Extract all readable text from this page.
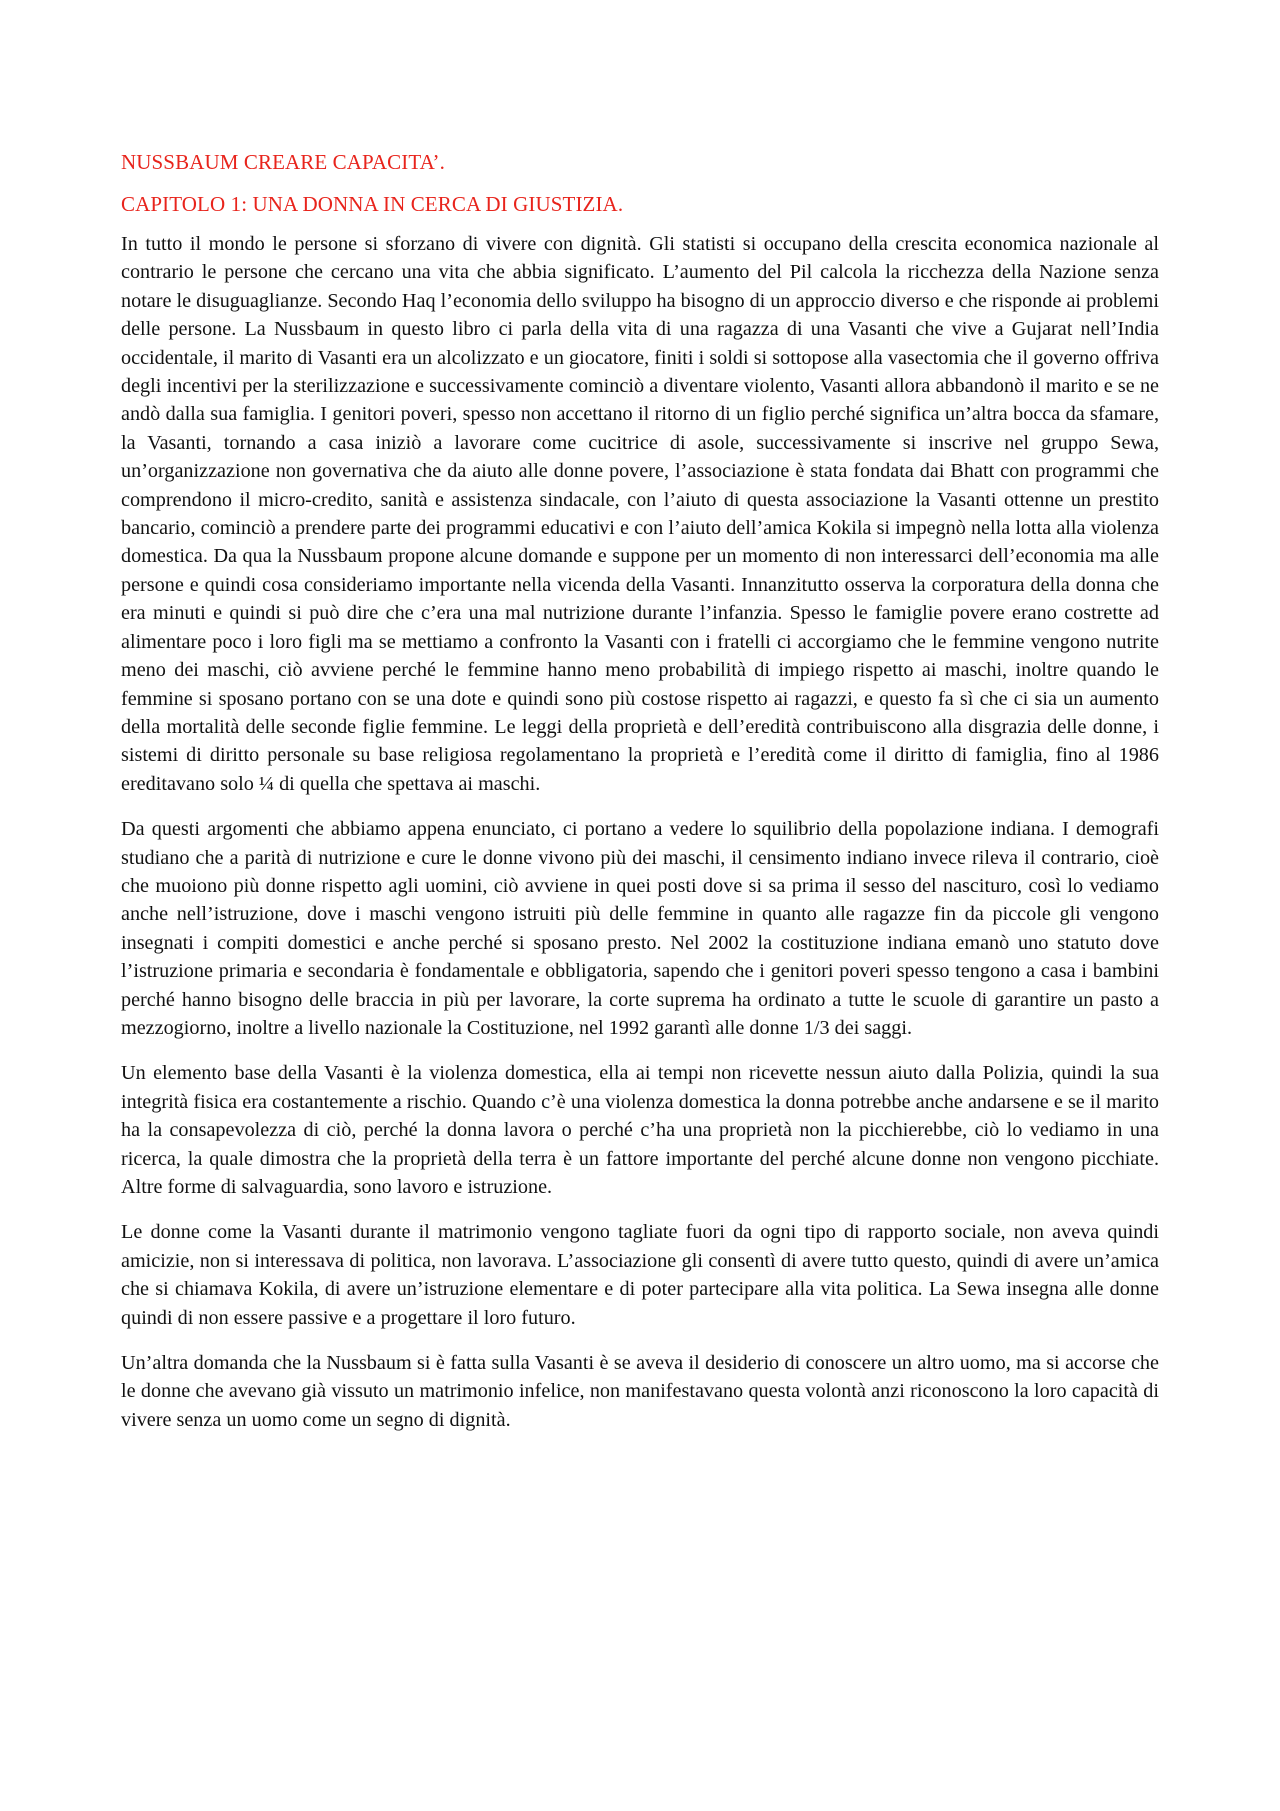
NUSSBAUM CREARE CAPACITA’.
CAPITOLO 1: UNA DONNA IN CERCA DI GIUSTIZIA.

In tutto il mondo le persone si sforzano di vivere con dignità. Gli statisti si occupano della crescita economica nazionale al contrario le persone che cercano una vita che abbia significato. L’aumento del Pil calcola la ricchezza della Nazione senza notare le disuguaglianze. Secondo Haq l’economia dello sviluppo ha bisogno di un approccio diverso e che risponde ai problemi delle persone. La Nussbaum in questo libro ci parla della vita di una ragazza di una Vasanti che vive a Gujarat nell’India occidentale, il marito di Vasanti era un alcolizzato e un giocatore, finiti i soldi si sottopose alla vasectomia che il governo offriva degli incentivi per la sterilizzazione e successivamente cominciò a diventare violento, Vasanti allora abbandonò il marito e se ne andò dalla sua famiglia. I genitori poveri, spesso non accettano il ritorno di un figlio perché significa un’altra bocca da sfamare, la Vasanti, tornando a casa iniziò a lavorare come cucitrice di asole, successivamente si inscrive nel gruppo Sewa, un’organizzazione non governativa che da aiuto alle donne povere, l’associazione è stata fondata dai Bhatt con programmi che comprendono il micro-credito, sanità e assistenza sindacale, con l’aiuto di questa associazione la Vasanti ottenne un prestito bancario, cominciò a prendere parte dei programmi educativi e con l’aiuto dell’amica Kokila si impegnò nella lotta alla violenza domestica. Da qua la Nussbaum propone alcune domande e suppone per un momento di non interessarci dell’economia ma alle persone e quindi cosa consideriamo importante nella vicenda della Vasanti. Innanzitutto osserva la corporatura della donna che era minuti e quindi si può dire che c’era una mal nutrizione durante l’infanzia. Spesso le famiglie povere erano costrette ad alimentare poco i loro figli ma se mettiamo a confronto la Vasanti con i fratelli ci accorgiamo che le femmine vengono nutrite meno dei maschi, ciò avviene perché le femmine hanno meno probabilità di impiego rispetto ai maschi, inoltre quando le femmine si sposano portano con se una dote e quindi sono più costose rispetto ai ragazzi, e questo fa sì che ci sia un aumento della mortalità delle seconde figlie femmine. Le leggi della proprietà e dell’eredità contribuiscono alla disgrazia delle donne, i sistemi di diritto personale su base religiosa regolamentano la proprietà e l’eredità come il diritto di famiglia, fino al 1986 ereditavano solo ¼ di quella che spettava ai maschi.

Da questi argomenti che abbiamo appena enunciato, ci portano a vedere lo squilibrio della popolazione indiana. I demografi studiano che a parità di nutrizione e cure le donne vivono più dei maschi, il censimento indiano invece rileva il contrario, cioè che muoiono più donne rispetto agli uomini, ciò avviene in quei posti dove si sa prima il sesso del nascituro, così lo vediamo anche nell’istruzione, dove i maschi vengono istruiti più delle femmine in quanto alle ragazze fin da piccole gli vengono insegnati i compiti domestici e anche perché si sposano presto. Nel 2002 la costituzione indiana emanò uno statuto dove l’istruzione primaria e secondaria è fondamentale e obbligatoria, sapendo che i genitori poveri spesso tengono a casa i bambini perché hanno bisogno delle braccia in più per lavorare, la corte suprema ha ordinato a tutte le scuole di garantire un pasto a mezzogiorno, inoltre a livello nazionale la Costituzione, nel 1992 garantì alle donne 1/3 dei saggi.

Un elemento base della Vasanti è la violenza domestica, ella ai tempi non ricevette nessun aiuto dalla Polizia, quindi la sua integrità fisica era costantemente a rischio. Quando c’è una violenza domestica la donna potrebbe anche andarsene e se il marito ha la consapevolezza di ciò, perché la donna lavora o perché c’ha una proprietà non la picchierebbe, ciò lo vediamo in una ricerca, la quale dimostra che la proprietà della terra è un fattore importante del perché alcune donne non vengono picchiate. Altre forme di salvaguardia, sono lavoro e istruzione.

Le donne come la Vasanti durante il matrimonio vengono tagliate fuori da ogni tipo di rapporto sociale, non aveva quindi amicizie, non si interessava di politica, non lavorava. L’associazione gli consentì di avere tutto questo, quindi di avere un’amica che si chiamava Kokila, di avere un’istruzione elementare e di poter partecipare alla vita politica. La Sewa insegna alle donne quindi di non essere passive e a progettare il loro futuro.

Un’altra domanda che la Nussbaum si è fatta sulla Vasanti è se aveva il desiderio di conoscere un altro uomo, ma si accorse che le donne che avevano già vissuto un matrimonio infelice, non manifestavano questa volontà anzi riconoscono la loro capacità di vivere senza un uomo come un segno di dignità.
